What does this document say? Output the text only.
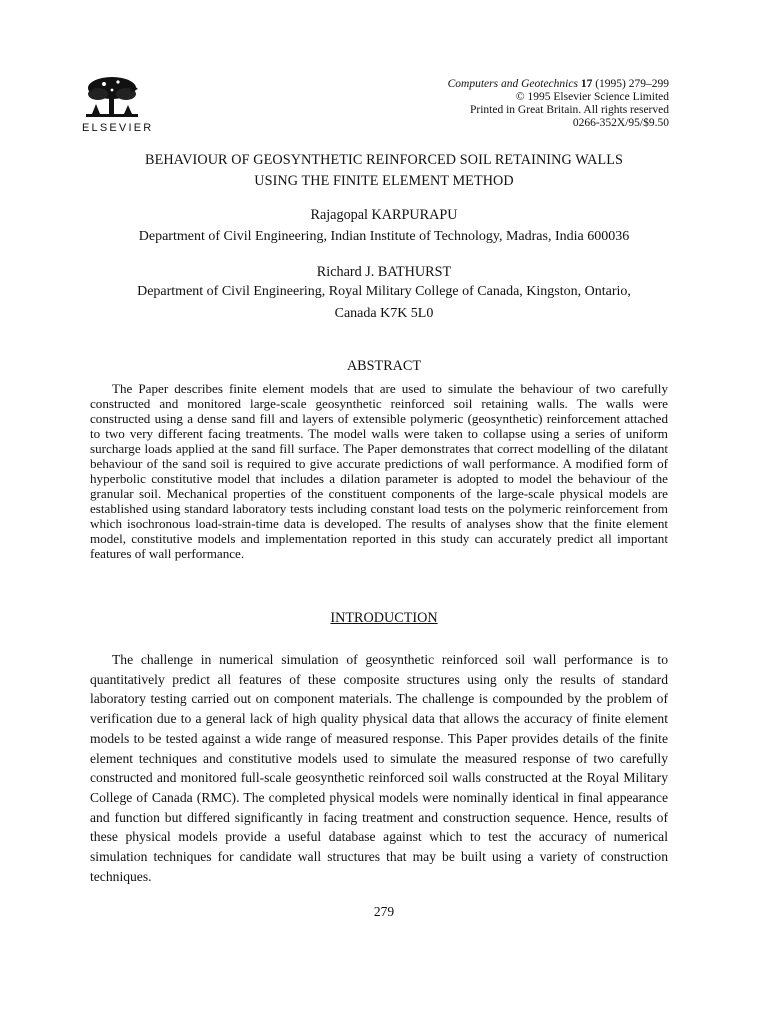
ELSEVIER
Computers and Geotechnics 17 (1995) 279–299
© 1995 Elsevier Science Limited
Printed in Great Britain. All rights reserved
0266-352X/95/$9.50
BEHAVIOUR OF GEOSYNTHETIC REINFORCED SOIL RETAINING WALLS
USING THE FINITE ELEMENT METHOD
Rajagopal KARPURAPU
Department of Civil Engineering, Indian Institute of Technology, Madras, India 600036
Richard J. BATHURST
Department of Civil Engineering, Royal Military College of Canada, Kingston, Ontario,
Canada K7K 5L0
ABSTRACT

The Paper describes finite element models that are used to simulate the behaviour of two carefully constructed and monitored large-scale geosynthetic reinforced soil retaining walls. The walls were constructed using a dense sand fill and layers of extensible polymeric (geosynthetic) reinforcement attached to two very different facing treatments. The model walls were taken to collapse using a series of uniform surcharge loads applied at the sand fill surface. The Paper demonstrates that correct modelling of the dilatant behaviour of the sand soil is required to give accurate predictions of wall performance. A modified form of hyperbolic constitutive model that includes a dilation parameter is adopted to model the behaviour of the granular soil. Mechanical properties of the constituent components of the large-scale physical models are established using standard laboratory tests including constant load tests on the polymeric reinforcement from which isochronous load-strain-time data is developed. The results of analyses show that the finite element model, constitutive models and implementation reported in this study can accurately predict all important features of wall performance.

INTRODUCTION

The challenge in numerical simulation of geosynthetic reinforced soil wall performance is to quantitatively predict all features of these composite structures using only the results of standard laboratory testing carried out on component materials. The challenge is compounded by the problem of verification due to a general lack of high quality physical data that allows the accuracy of finite element models to be tested against a wide range of measured response. This Paper provides details of the finite element techniques and constitutive models used to simulate the measured response of two carefully constructed and monitored full-scale geosynthetic reinforced soil walls constructed at the Royal Military College of Canada (RMC). The completed physical models were nominally identical in final appearance and function but differed significantly in facing treatment and construction sequence. Hence, results of these physical models provide a useful database against which to test the accuracy of numerical simulation techniques for candidate wall structures that may be built using a variety of construction techniques.

279
